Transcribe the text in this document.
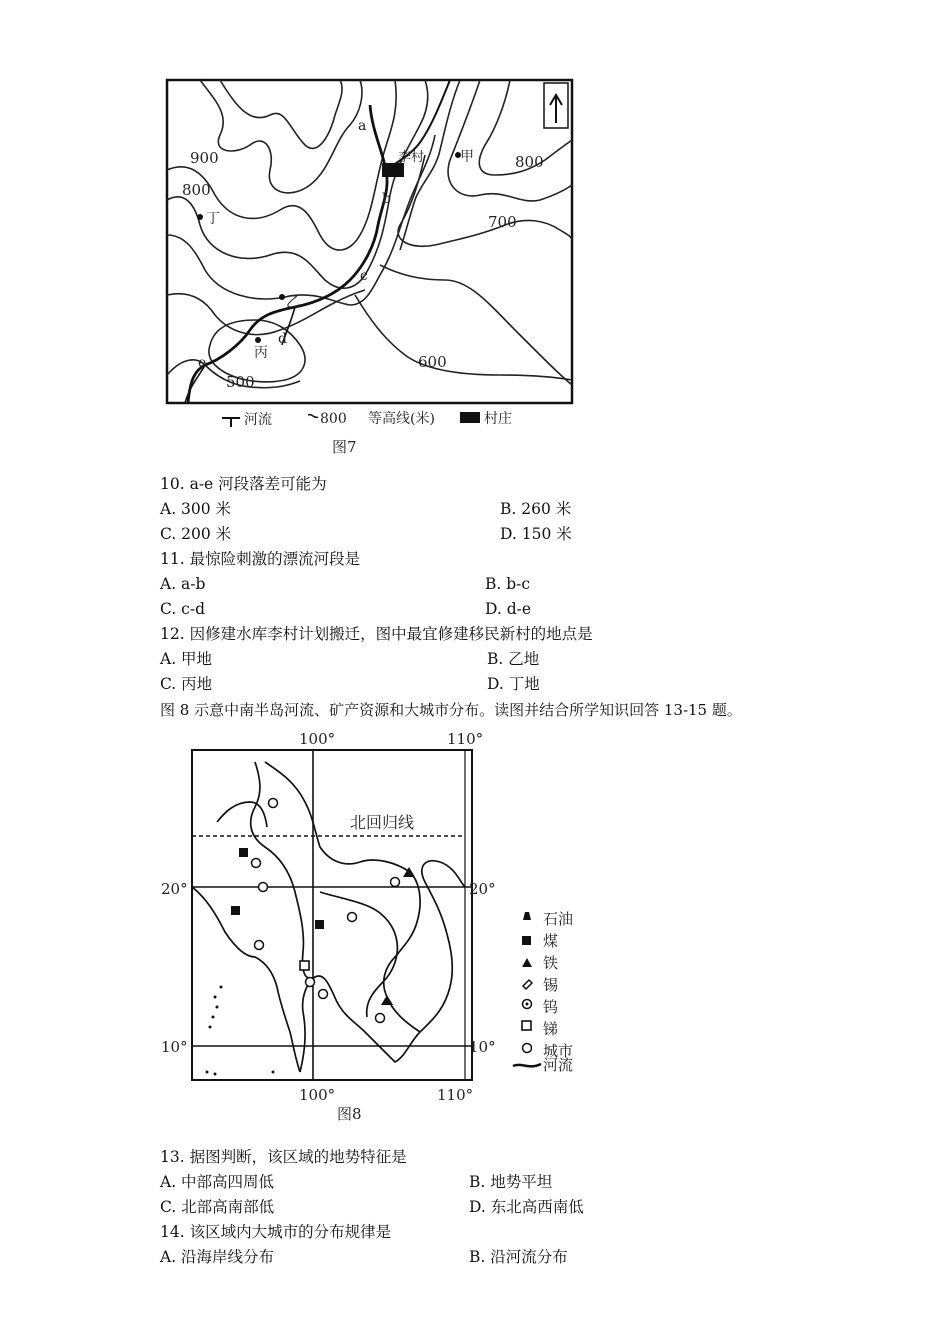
900
800
800
700
600
500
a
b
c
d
e
李村	甲
丁
乙
丙
河流	800 等高线(米)	村庄
图7
10. a-e 河段落差可能为
A. 300 米	B. 260 米
C. 200 米	D. 150 米
11. 最惊险刺激的漂流河段是
A. a-b	B. b-c
C. c-d	D. d-e
12. 因修建水库李村计划搬迁，图中最宜修建移民新村的地点是
A. 甲地	B. 乙地
C. 丙地	D. 丁地
图 8 示意中南半岛河流、矿产资源和大城市分布。读图并结合所学知识回答 13-15 题。
100°	110°
100°	110°
20°	20°
10°	10°
北回归线
图8
石油
煤
铁
锡
钨
锑
城市
河流
13. 据图判断，该区域的地势特征是
A. 中部高四周低	B. 地势平坦
C. 北部高南部低	D. 东北高西南低
14. 该区域内大城市的分布规律是
A. 沿海岸线分布	B. 沿河流分布
